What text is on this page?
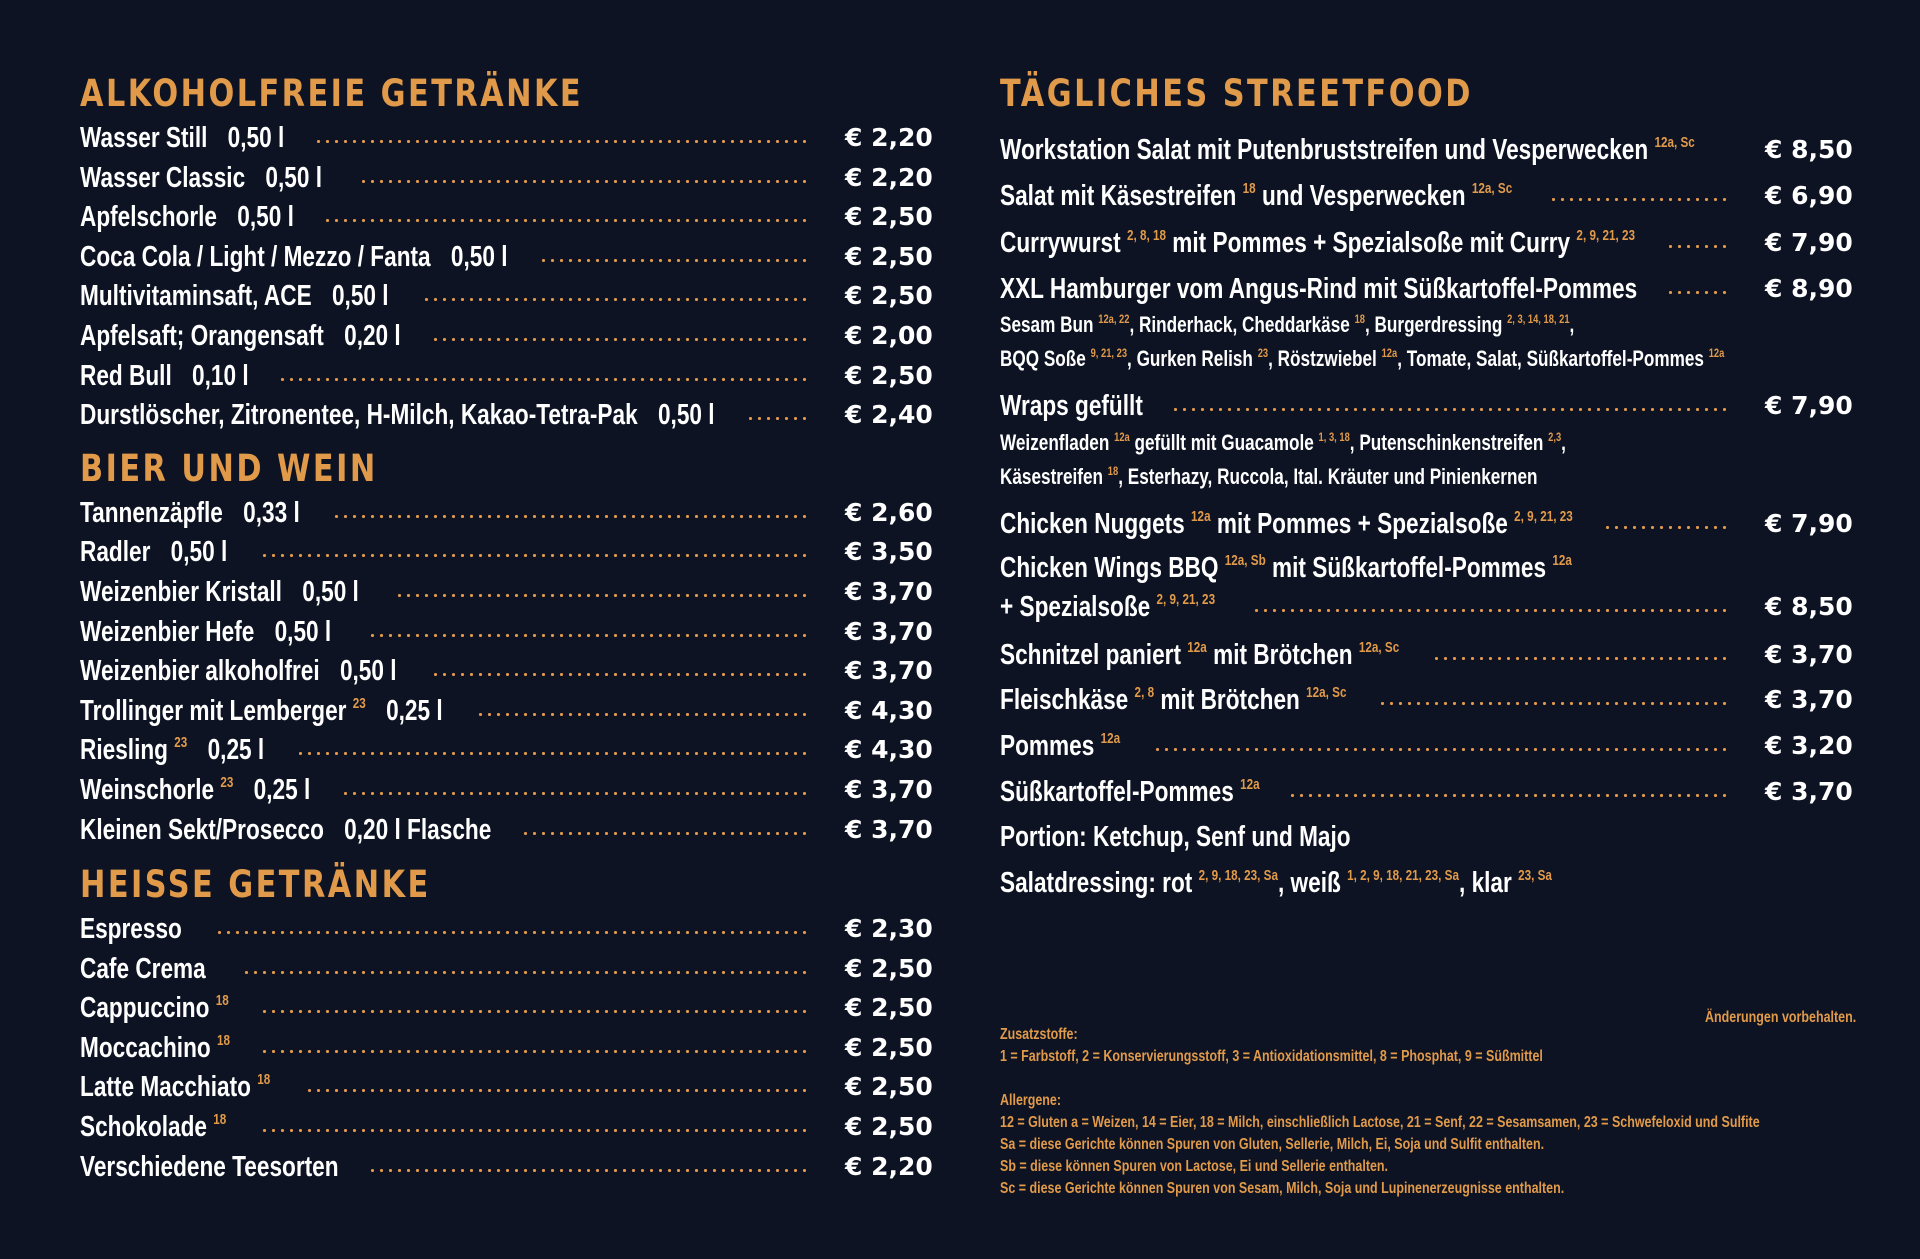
ALKOHOLFREIE GETRÄNKE
Wasser Still 0,50 l	€ 2,20
Wasser Classic 0,50 l	€ 2,20
Apfelschorle 0,50 l	€ 2,50
Coca Cola / Light / Mezzo / Fanta 0,50 l	€ 2,50
Multivitaminsaft, ACE 0,50 l	€ 2,50
Apfelsaft; Orangensaft 0,20 l	€ 2,00
Red Bull 0,10 l	€ 2,50
Durstlöscher, Zitronentee, H-Milch, Kakao-Tetra-Pak 0,50 l	€ 2,40
BIER UND WEIN
Tannenzäpfle 0,33 l	€ 2,60
Radler 0,50 l	€ 3,50
Weizenbier Kristall 0,50 l	€ 3,70
Weizenbier Hefe 0,50 l	€ 3,70
Weizenbier alkoholfrei 0,50 l	€ 3,70
Trollinger mit Lemberger $^{23}$ 0,25 l	€ 4,30
Riesling $^{23}$ 0,25 l	€ 4,30
Weinschorle $^{23}$ 0,25 l	€ 3,70
Kleinen Sekt/Prosecco 0,20 l Flasche	€ 3,70
HEISSE GETRÄNKE
Espresso	€ 2,30
Cafe Crema	€ 2,50
Cappuccino $^{18}$	€ 2,50
Moccachino $^{18}$	€ 2,50
Latte Macchiato $^{18}$	€ 2,50
Schokolade $^{18}$	€ 2,50
Verschiedene Teesorten	€ 2,20
TÄGLICHES STREETFOOD
Workstation Salat mit Putenbruststreifen und Vesperwecken $^{12a, Sc}$	€ 8,50
Salat mit Käsestreifen $^{18}$ und Vesperwecken $^{12a, Sc}$	€ 6,90
Currywurst $^{2, 8, 18}$ mit Pommes + Spezialsoße mit Curry $^{2, 9, 21, 23}$	€ 7,90
XXL Hamburger vom Angus-Rind mit Süßkartoffel-Pommes	€ 8,90
Sesam Bun $^{12a, 22}$, Rinderhack, Cheddarkäse $^{18}$, Burgerdressing $^{2, 3, 14, 18, 21}$,
BQQ Soße $^{9, 21, 23}$, Gurken Relish $^{23}$, Röstzwiebel $^{12a}$, Tomate, Salat, Süßkartoffel-Pommes $^{12a}$
Wraps gefüllt	€ 7,90
Weizenfladen $^{12a}$ gefüllt mit Guacamole $^{1, 3, 18}$, Putenschinkenstreifen $^{2,3}$,
Käsestreifen $^{18}$, Esterhazy, Ruccola, Ital. Kräuter und Pinienkernen
Chicken Nuggets $^{12a}$ mit Pommes + Spezialsoße $^{2, 9, 21, 23}$	€ 7,90
Chicken Wings BBQ $^{12a, Sb}$ mit Süßkartoffel-Pommes $^{12a}$
+ Spezialsoße $^{2, 9, 21, 23}$	€ 8,50
Schnitzel paniert $^{12a}$ mit Brötchen $^{12a, Sc}$	€ 3,70
Fleischkäse $^{2, 8}$ mit Brötchen $^{12a, Sc}$	€ 3,70
Pommes $^{12a}$	€ 3,20
Süßkartoffel-Pommes $^{12a}$	€ 3,70
Portion: Ketchup, Senf und Majo
Salatdressing: rot $^{2, 9, 18, 23, Sa}$, weiß $^{1, 2, 9, 18, 21, 23, Sa}$, klar $^{23, Sa}$
Änderungen vorbehalten.
Zusatzstoffe:
1 = Farbstoff, 2 = Konservierungsstoff, 3 = Antioxidationsmittel, 8 = Phosphat, 9 = Süßmittel
Allergene:
12 = Gluten a = Weizen, 14 = Eier, 18 = Milch, einschließlich Lactose, 21 = Senf, 22 = Sesamsamen, 23 = Schwefeloxid und Sulfite
Sa = diese Gerichte können Spuren von Gluten, Sellerie, Milch, Ei, Soja und Sulfit enthalten.
Sb = diese können Spuren von Lactose, Ei und Sellerie enthalten.
Sc = diese Gerichte können Spuren von Sesam, Milch, Soja und Lupinenerzeugnisse enthalten.
